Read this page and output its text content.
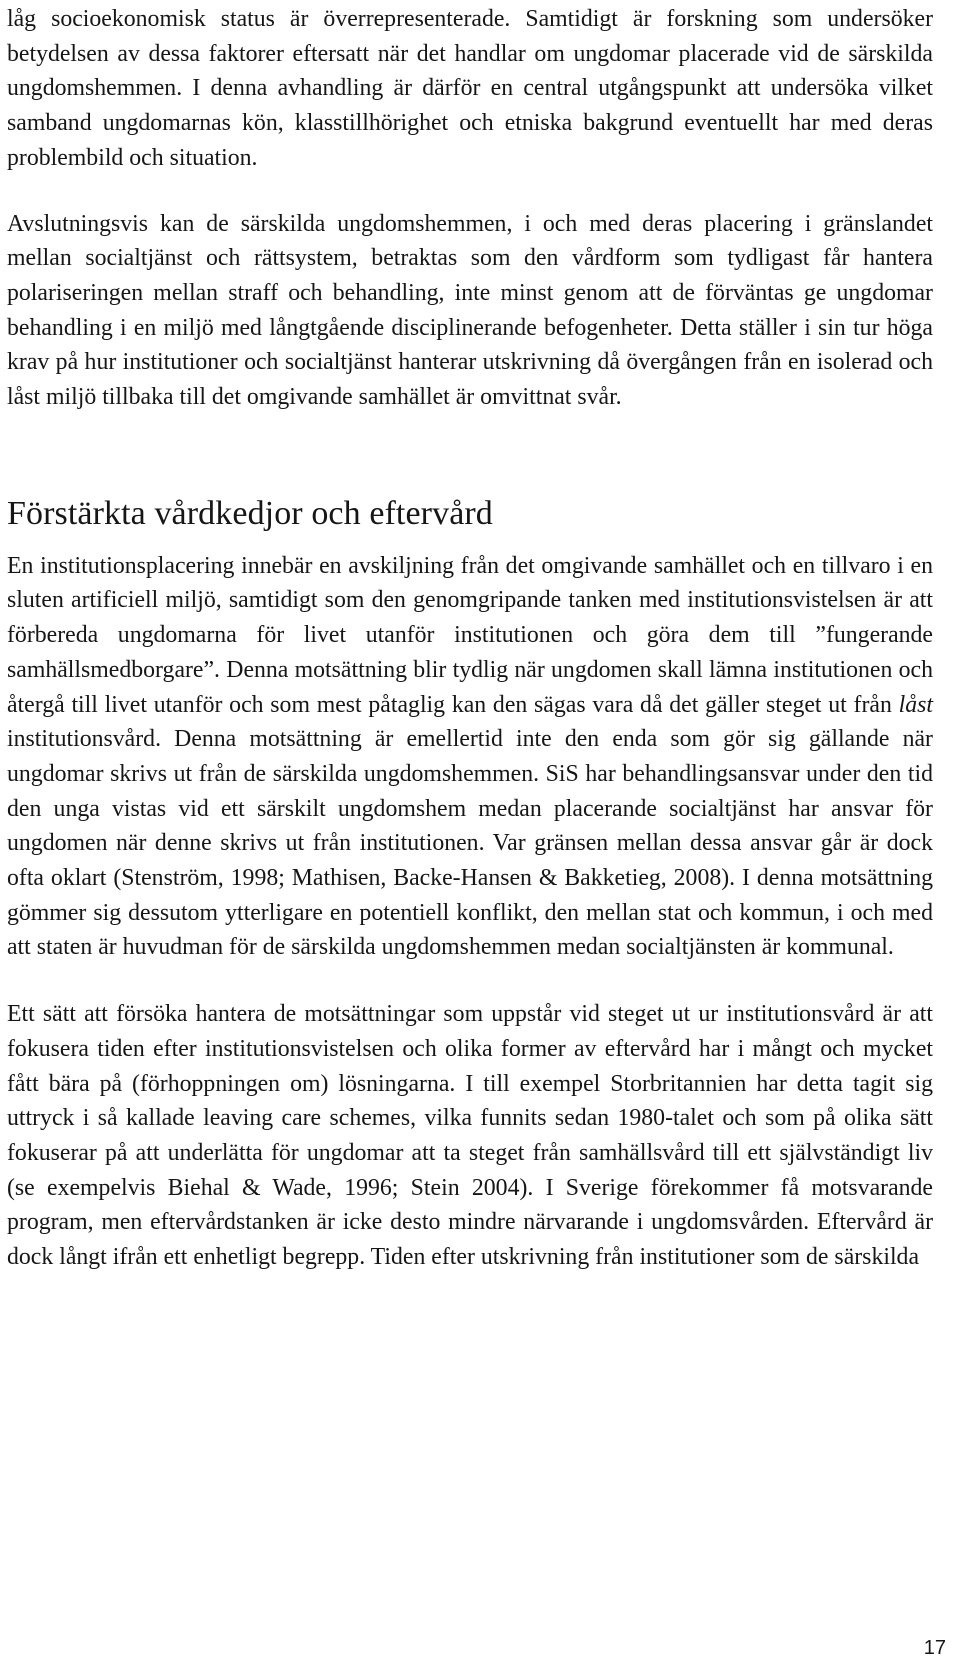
låg socioekonomisk status är överrepresenterade. Samtidigt är forskning som undersöker betydelsen av dessa faktorer eftersatt när det handlar om ungdomar placerade vid de särskilda ungdomshemmen. I denna avhandling är därför en central utgångspunkt att undersöka vilket samband ungdomarnas kön, klasstillhörighet och etniska bakgrund eventuellt har med deras problembild och situation.

Avslutningsvis kan de särskilda ungdomshemmen, i och med deras placering i gränslandet mellan socialtjänst och rättsystem, betraktas som den vårdform som tydligast får hantera polariseringen mellan straff och behandling, inte minst genom att de förväntas ge ungdomar behandling i en miljö med långtgående disciplinerande befogenheter. Detta ställer i sin tur höga krav på hur institutioner och socialtjänst hanterar utskrivning då övergången från en isolerad och låst miljö tillbaka till det omgivande samhället är omvittnat svår.

Förstärkta vårdkedjor och eftervård

En institutionsplacering innebär en avskiljning från det omgivande samhället och en tillvaro i en sluten artificiell miljö, samtidigt som den genomgripande tanken med institutionsvistelsen är att förbereda ungdomarna för livet utanför institutionen och göra dem till ”fungerande samhällsmedborgare”. Denna motsättning blir tydlig när ungdomen skall lämna institutionen och återgå till livet utanför och som mest påtaglig kan den sägas vara då det gäller steget ut från låst institutionsvård. Denna motsättning är emellertid inte den enda som gör sig gällande när ungdomar skrivs ut från de särskilda ungdomshemmen. SiS har behandlingsansvar under den tid den unga vistas vid ett särskilt ungdomshem medan placerande socialtjänst har ansvar för ungdomen när denne skrivs ut från institutionen. Var gränsen mellan dessa ansvar går är dock ofta oklart (Stenström, 1998; Mathisen, Backe-Hansen & Bakketieg, 2008). I denna motsättning gömmer sig dessutom ytterligare en potentiell konflikt, den mellan stat och kommun, i och med att staten är huvudman för de särskilda ungdomshemmen medan socialtjänsten är kommunal.

Ett sätt att försöka hantera de motsättningar som uppstår vid steget ut ur institutionsvård är att fokusera tiden efter institutionsvistelsen och olika former av eftervård har i mångt och mycket fått bära på (förhoppningen om) lösningarna. I till exempel Storbritannien har detta tagit sig uttryck i så kallade leaving care schemes, vilka funnits sedan 1980-talet och som på olika sätt fokuserar på att underlätta för ungdomar att ta steget från samhällsvård till ett självständigt liv (se exempelvis Biehal & Wade, 1996; Stein 2004). I Sverige förekommer få motsvarande program, men eftervårdstanken är icke desto mindre närvarande i ungdomsvården. Eftervård är dock långt ifrån ett enhetligt begrepp. Tiden efter utskrivning från institutioner som de särskilda

17
